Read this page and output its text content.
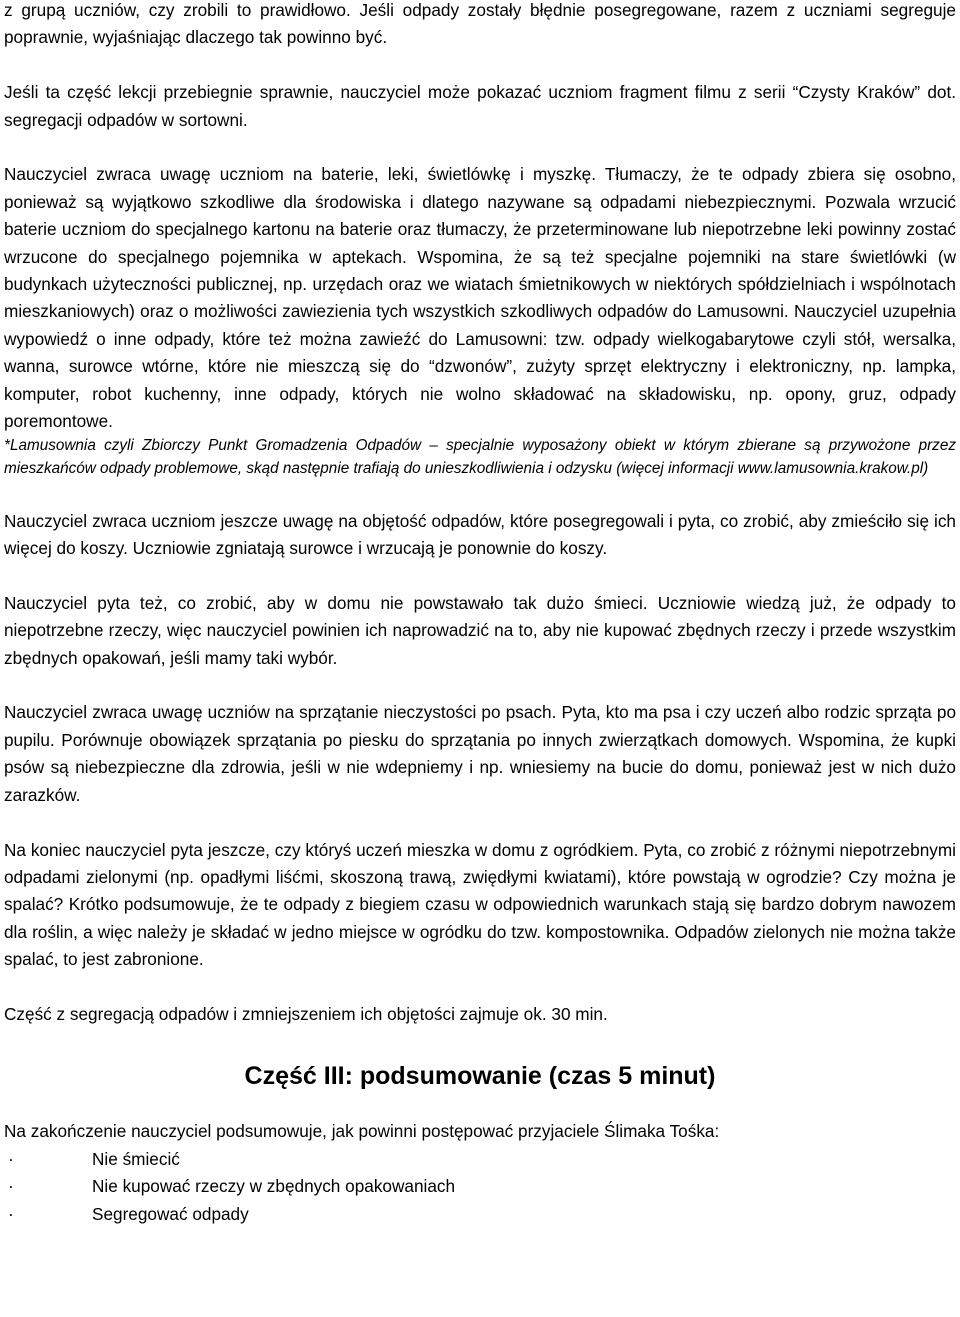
z grupą uczniów, czy zrobili to prawidłowo. Jeśli odpady zostały błędnie posegregowane, razem z uczniami segreguje poprawnie, wyjaśniając dlaczego tak powinno być.

Jeśli ta część lekcji przebiegnie sprawnie, nauczyciel może pokazać uczniom fragment filmu z serii “Czysty Kraków” dot. segregacji odpadów w sortowni.

Nauczyciel zwraca uwagę uczniom na baterie, leki, świetlówkę i myszkę. Tłumaczy, że te odpady zbiera się osobno, ponieważ są wyjątkowo szkodliwe dla środowiska i dlatego nazywane są odpadami niebezpiecznymi. Pozwala wrzucić baterie uczniom do specjalnego kartonu na baterie oraz tłumaczy, że przeterminowane lub niepotrzebne leki powinny zostać wrzucone do specjalnego pojemnika w aptekach. Wspomina, że są też specjalne pojemniki na stare świetlówki (w budynkach użyteczności publicznej, np. urzędach oraz we wiatach śmietnikowych w niektórych spółdzielniach i wspólnotach mieszkaniowych) oraz o możliwości zawiezienia tych wszystkich szkodliwych odpadów do Lamusowni. Nauczyciel uzupełnia wypowiedź o inne odpady, które też można zawieźć do Lamusowni: tzw. odpady wielkogabarytowe czyli stół, wersalka, wanna, surowce wtórne, które nie mieszczą się do “dzwonów”, zużyty sprzęt elektryczny i elektroniczny, np. lampka, komputer, robot kuchenny, inne odpady, których nie wolno składować na składowisku, np. opony, gruz, odpady poremontowe.

*Lamusownia czyli Zbiorczy Punkt Gromadzenia Odpadów – specjalnie wyposażony obiekt w którym zbierane są przywożone przez mieszkańców odpady problemowe, skąd następnie trafiają do unieszkodliwienia i odzysku (więcej informacji www.lamusownia.krakow.pl)

Nauczyciel zwraca uczniom jeszcze uwagę na objętość odpadów, które posegregowali i pyta, co zrobić, aby zmieściło się ich więcej do koszy. Uczniowie zgniatają surowce i wrzucają je ponownie do koszy.

Nauczyciel pyta też, co zrobić, aby w domu nie powstawało tak dużo śmieci. Uczniowie wiedzą już, że odpady to niepotrzebne rzeczy, więc nauczyciel powinien ich naprowadzić na to, aby nie kupować zbędnych rzeczy i przede wszystkim zbędnych opakowań, jeśli mamy taki wybór.

Nauczyciel zwraca uwagę uczniów na sprzątanie nieczystości po psach. Pyta, kto ma psa i czy uczeń albo rodzic sprząta po pupilu. Porównuje obowiązek sprzątania po piesku do sprzątania po innych zwierzątkach domowych. Wspomina, że kupki psów są niebezpieczne dla zdrowia, jeśli w nie wdepniemy i np. wniesiemy na bucie do domu, ponieważ jest w nich dużo zarazków.

Na koniec nauczyciel pyta jeszcze, czy któryś uczeń mieszka w domu z ogródkiem. Pyta, co zrobić z różnymi niepotrzebnymi odpadami zielonymi (np. opadłymi liśćmi, skoszoną trawą, zwiędłymi kwiatami), które powstają w ogrodzie? Czy można je spalać? Krótko podsumowuje, że te odpady z biegiem czasu w odpowiednich warunkach stają się bardzo dobrym nawozem dla roślin, a więc należy je składać w jedno miejsce w ogródku do tzw. kompostownika. Odpadów zielonych nie można także spalać, to jest zabronione.

Część z segregacją odpadów i zmniejszeniem ich objętości zajmuje ok. 30 min.

Część III: podsumowanie (czas 5 minut)

Na zakończenie nauczyciel podsumowuje, jak powinni postępować przyjaciele Ślimaka Tośka:

·	Nie śmiecić
·	Nie kupować rzeczy w zbędnych opakowaniach
·	Segregować odpady
